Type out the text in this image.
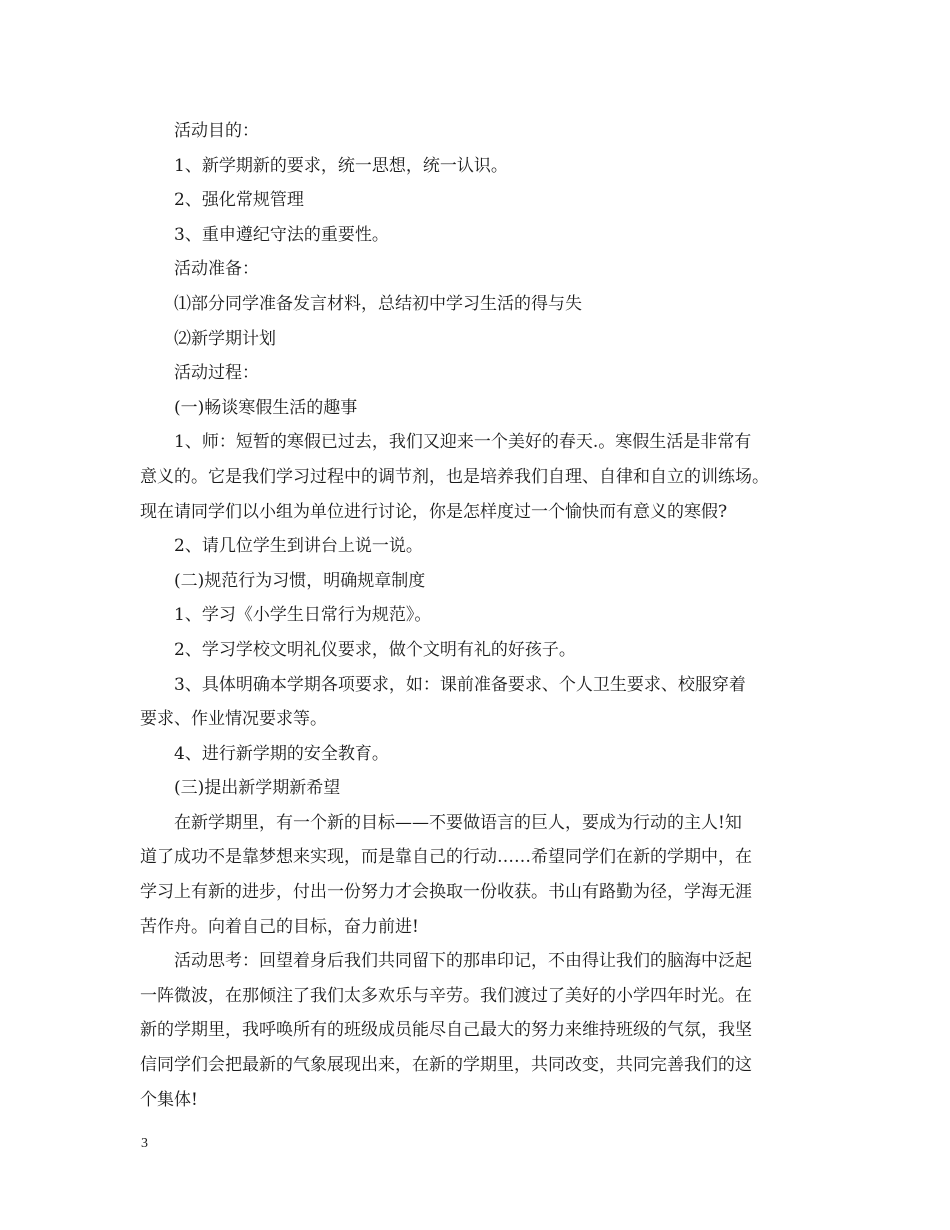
活动目的：

1、新学期新的要求，统一思想，统一认识。

2、强化常规管理

3、重申遵纪守法的重要性。

活动准备：

⑴部分同学准备发言材料，总结初中学习生活的得与失

⑵新学期计划

活动过程：

(一)畅谈寒假生活的趣事

1、师：短暂的寒假已过去，我们又迎来一个美好的春天.。寒假生活是非常有

意义的。它是我们学习过程中的调节剂，也是培养我们自理、自律和自立的训练场。

现在请同学们以小组为单位进行讨论，你是怎样度过一个愉快而有意义的寒假?

2、请几位学生到讲台上说一说。

(二)规范行为习惯，明确规章制度

1、学习《小学生日常行为规范》。

2、学习学校文明礼仪要求，做个文明有礼的好孩子。

3、具体明确本学期各项要求，如：课前准备要求、个人卫生要求、校服穿着

要求、作业情况要求等。

4、进行新学期的安全教育。

(三)提出新学期新希望

在新学期里，有一个新的目标——不要做语言的巨人，要成为行动的主人!知

道了成功不是靠梦想来实现，而是靠自己的行动……希望同学们在新的学期中，在

学习上有新的进步，付出一份努力才会换取一份收获。书山有路勤为径，学海无涯

苦作舟。向着自己的目标，奋力前进!

活动思考：回望着身后我们共同留下的那串印记，不由得让我们的脑海中泛起

一阵微波，在那倾注了我们太多欢乐与辛劳。我们渡过了美好的小学四年时光。在

新的学期里，我呼唤所有的班级成员能尽自己最大的努力来维持班级的气氛，我坚

信同学们会把最新的气象展现出来，在新的学期里，共同改变，共同完善我们的这

个集体!

3
